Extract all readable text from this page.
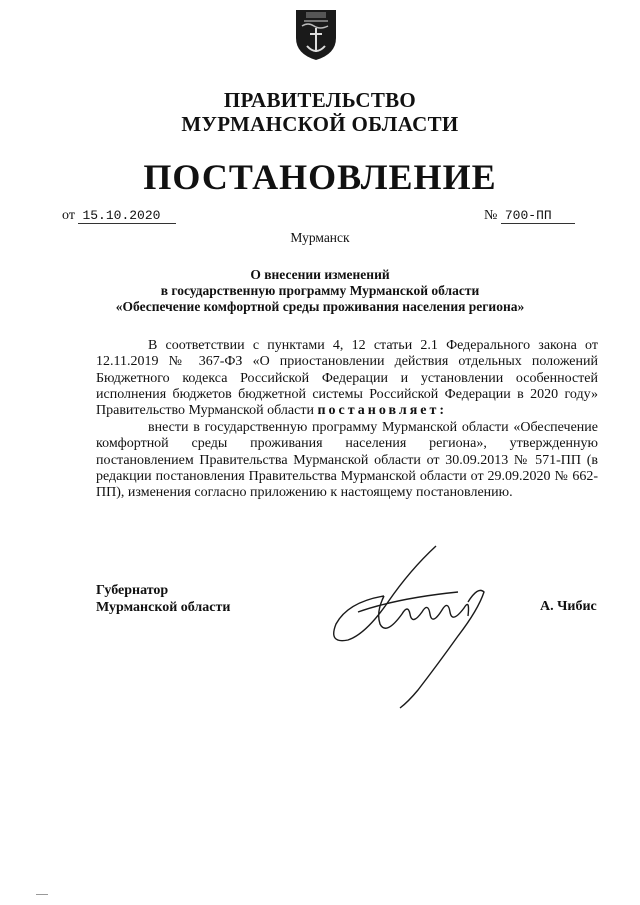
ПРАВИТЕЛЬСТВО
МУРМАНСКОЙ ОБЛАСТИ
ПОСТАНОВЛЕНИЕ
от 15.10.2020	№ 700-ПП
Мурманск
О внесении изменений
в государственную программу Мурманской области
«Обеспечение комфортной среды проживания населения региона»
В соответствии с пунктами 4, 12 статьи 2.1 Федерального закона от 12.11.2019 № 367-ФЗ «О приостановлении действия отдельных положений Бюджетного кодекса Российской Федерации и установлении особенностей исполнения бюджетов бюджетной системы Российской Федерации в 2020 году» Правительство Мурманской области постановляет:
внести в государственную программу Мурманской области «Обеспечение комфортной среды проживания населения региона», утвержденную постановлением Правительства Мурманской области от 30.09.2013 № 571-ПП (в редакции постановления Правительства Мурманской области от 29.09.2020 № 662-ПП), изменения согласно приложению к настоящему постановлению.
Губернатор
Мурманской области	А. Чибис
